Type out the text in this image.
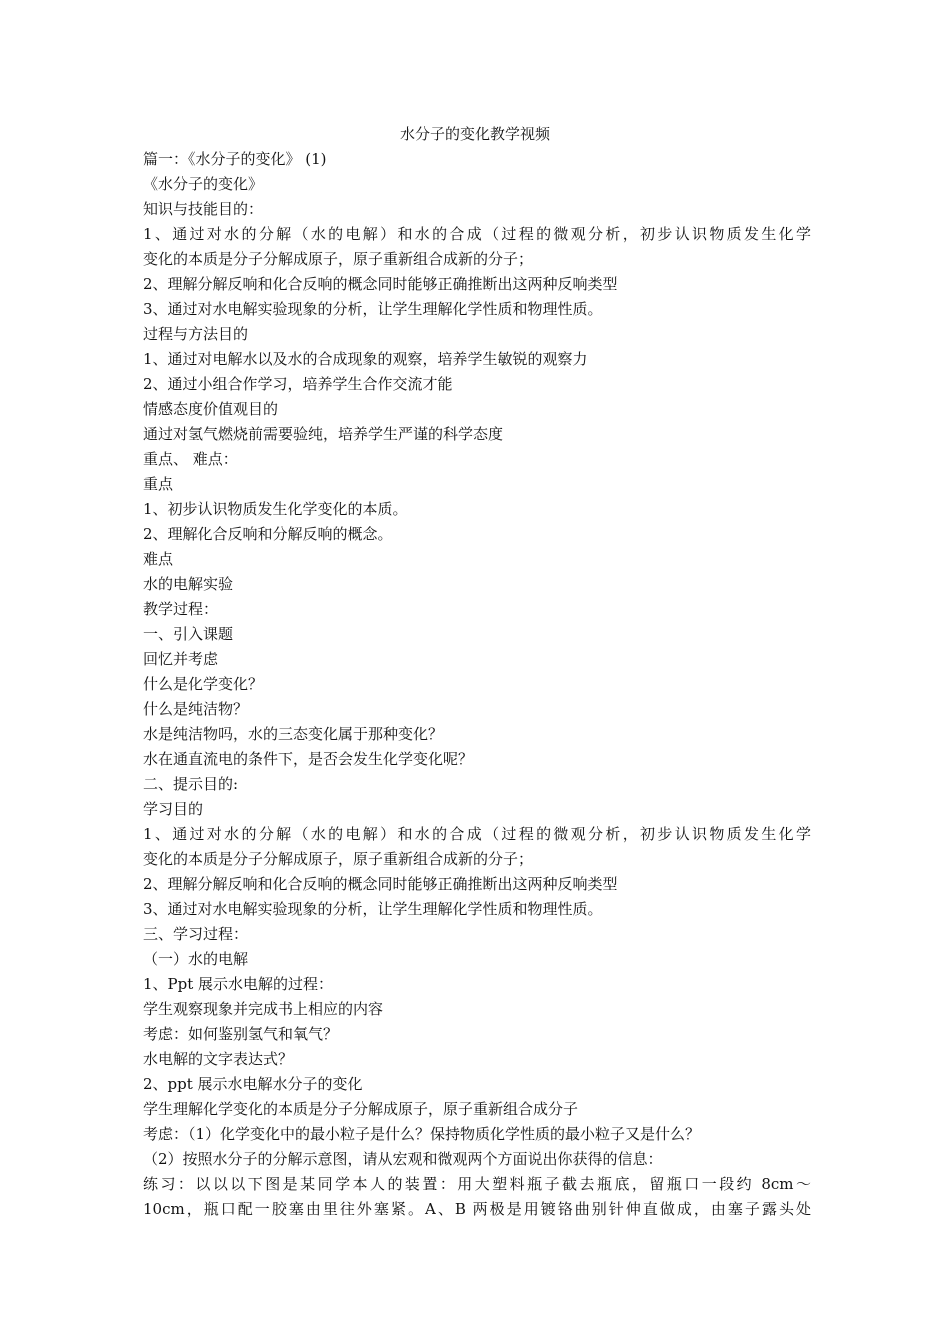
水分子的变化教学视频
篇一：《水分子的变化》 (1)
《水分子的变化》
知识与技能目的：
1、通过对水的分解（水的电解）和水的合成（过程的微观分析，初步认识物质发生化学
变化的本质是分子分解成原子，原子重新组合成新的分子；
2、理解分解反响和化合反响的概念同时能够正确推断出这两种反响类型
3、通过对水电解实验现象的分析，让学生理解化学性质和物理性质。
过程与方法目的
1、通过对电解水以及水的合成现象的观察，培养学生敏锐的观察力
2、通过小组合作学习，培养学生合作交流才能
情感态度价值观目的
通过对氢气燃烧前需要验纯，培养学生严谨的科学态度
重点、 难点：
重点
1、初步认识物质发生化学变化的本质。
2、理解化合反响和分解反响的概念。
难点
水的电解实验
教学过程：
一、引入课题
回忆并考虑
什么是化学变化？
什么是纯洁物？
水是纯洁物吗，水的三态变化属于那种变化？
水在通直流电的条件下，是否会发生化学变化呢？
二、提示目的:
学习目的
1、通过对水的分解（水的电解）和水的合成（过程的微观分析，初步认识物质发生化学
变化的本质是分子分解成原子，原子重新组合成新的分子；
2、理解分解反响和化合反响的概念同时能够正确推断出这两种反响类型
3、通过对水电解实验现象的分析，让学生理解化学性质和物理性质。
三、学习过程：
（一）水的电解
1、Ppt 展示水电解的过程：
学生观察现象并完成书上相应的内容
考虑：如何鉴别氢气和氧气？
水电解的文字表达式？
2、ppt 展示水电解水分子的变化
学生理解化学变化的本质是分子分解成原子，原子重新组合成分子
考虑：（1）化学变化中的最小粒子是什么？保持物质化学性质的最小粒子又是什么？
（2）按照水分子的分解示意图，请从宏观和微观两个方面说出你获得的信息：
练习：以以以下图是某同学本人的装置：用大塑料瓶子截去瓶底，留瓶口一段约 8cm～
10cm，瓶口配一胶塞由里往外塞紧。A、B 两极是用镀铬曲别针伸直做成，由塞子露头处
